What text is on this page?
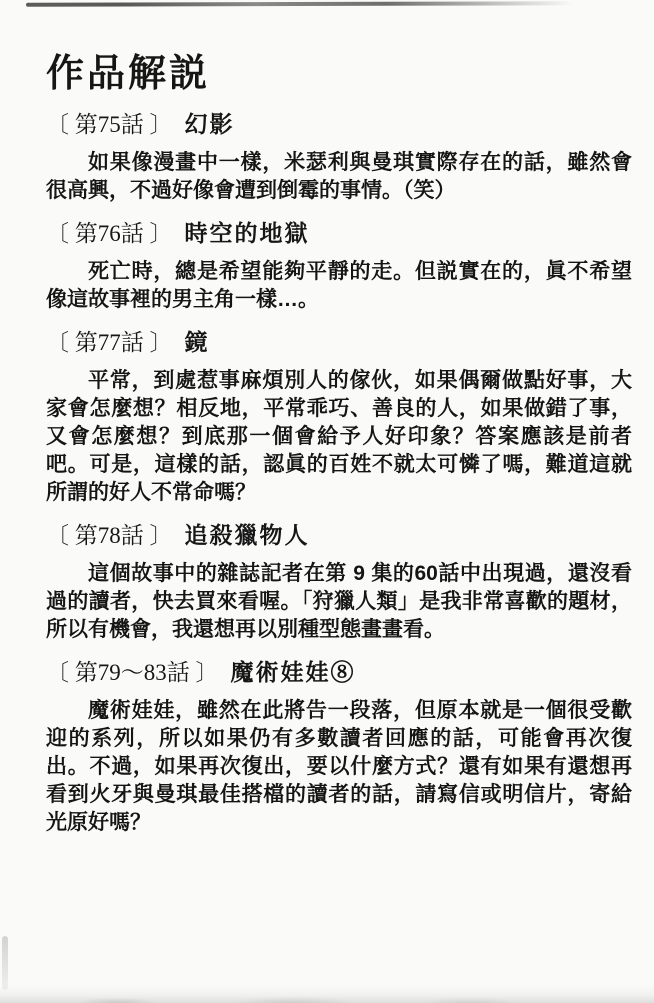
作品解説
〔 第75話 〕 幻影

如果像漫畫中一樣，米瑟利與曼琪實際存在的話，雖然會很高興，不過好像會遭到倒霉的事情。（笑）

〔 第76話 〕 時空的地獄

死亡時，總是希望能夠平靜的走。但説實在的，眞不希望像這故事裡的男主角一樣…。

〔 第77話 〕 鏡

平常，到處惹事麻煩別人的傢伙，如果偶爾做點好事，大家會怎麼想？相反地，平常乖巧、善良的人，如果做錯了事，又會怎麼想？到底那一個會給予人好印象？答案應該是前者吧。可是，這樣的話，認眞的百姓不就太可憐了嗎，難道這就所謂的好人不常命嗎？

〔 第78話 〕 追殺獵物人

這個故事中的雜誌記者在第 9 集的60話中出現過，還沒看過的讀者，快去買來看喔。「狩獵人類」是我非常喜歡的題材，所以有機會，我還想再以別種型態畫畫看。

〔 第79～83話 〕 魔術娃娃⑧

魔術娃娃，雖然在此將告一段落，但原本就是一個很受歡迎的系列，所以如果仍有多數讀者回應的話，可能會再次復出。不過，如果再次復出，要以什麼方式？還有如果有還想再看到火牙與曼琪最佳搭檔的讀者的話，請寫信或明信片，寄給光原好嗎？
